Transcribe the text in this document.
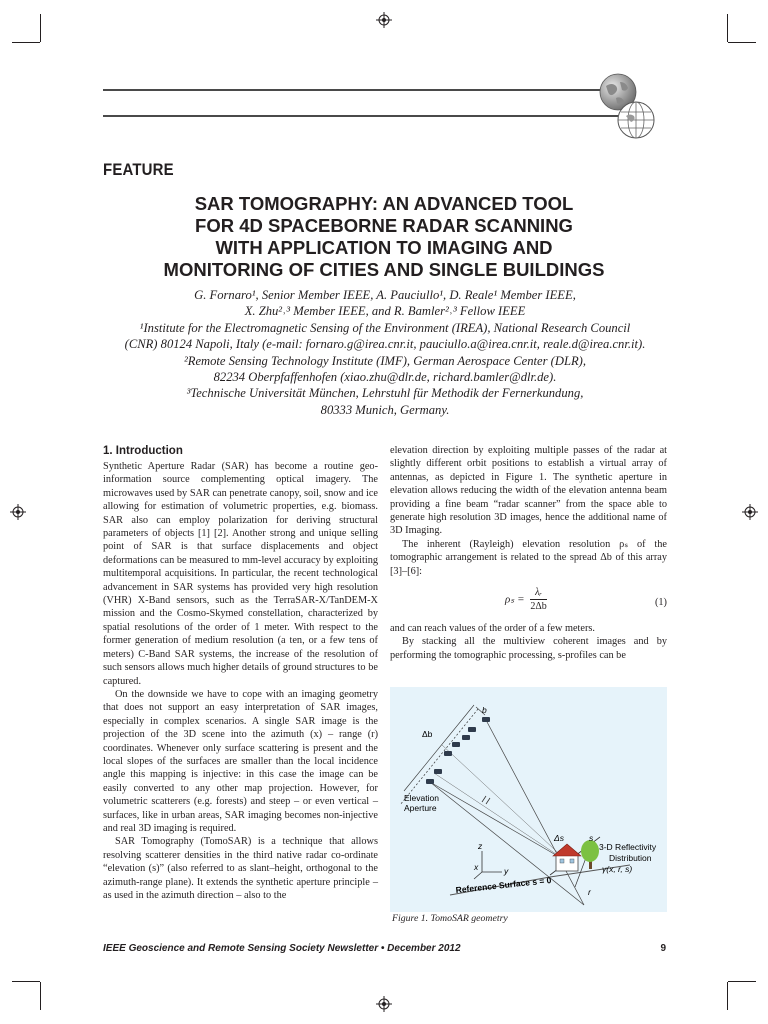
FEATURE
SAR TOMOGRAPHY: AN ADVANCED TOOL
FOR 4D SPACEBORNE RADAR SCANNING
WITH APPLICATION TO IMAGING AND
MONITORING OF CITIES AND SINGLE BUILDINGS
G. Fornaro¹, Senior Member IEEE, A. Pauciullo¹, D. Reale¹ Member IEEE,
X. Zhu²˒³ Member IEEE, and R. Bamler²˒³ Fellow IEEE
¹Institute for the Electromagnetic Sensing of the Environment (IREA), National Research Council
(CNR) 80124 Napoli, Italy (e-mail: fornaro.g@irea.cnr.it, pauciullo.a@irea.cnr.it, reale.d@irea.cnr.it).
²Remote Sensing Technology Institute (IMF), German Aerospace Center (DLR),
82234 Oberpfaffenhofen (xiao.zhu@dlr.de, richard.bamler@dlr.de).
³Technische Universität München, Lehrstuhl für Methodik der Fernerkundung,
80333 Munich, Germany.
1. Introduction

Synthetic Aperture Radar (SAR) has become a routine geo-information source complementing optical imagery. The microwaves used by SAR can penetrate canopy, soil, snow and ice allowing for estimation of volumetric properties, e.g. biomass. SAR also can employ polarization for deriving structural parameters of objects [1] [2]. Another strong and unique selling point of SAR is that surface displacements and object deformations can be measured to mm-level accuracy by exploiting multitemporal acquisitions. In particular, the recent technological advancement in SAR systems has provided very high resolution (VHR) X-Band sensors, such as the TerraSAR-X/TanDEM-X mission and the Cosmo-Skymed constellation, characterized by spatial resolutions of the order of 1 meter. With respect to the former generation of medium resolution (a ten, or a few tens of meters) C-Band SAR systems, the increase of the resolution of such sensors allows much higher details of ground structures to be captured.

On the downside we have to cope with an imaging geometry that does not support an easy interpretation of SAR images, especially in complex scenarios. A single SAR image is the projection of the 3D scene into the azimuth (x) – range (r) coordinates. Whenever only surface scattering is present and the local slopes of the surfaces are smaller than the local incidence angle this mapping is injective: in this case the image can be easily converted to any other map projection. However, for volumetric scatterers (e.g. forests) and steep – or even vertical – surfaces, like in urban areas, SAR imaging becomes non-injective and real 3D imaging is required.

SAR Tomography (TomoSAR) is a technique that allows resolving scatterer densities in the third native radar co-ordinate “elevation (s)” (also referred to as slant–height, orthogonal to the azimuth-range plane). It extends the synthetic aperture principle – as used in the azimuth direction – also to the

elevation direction by exploiting multiple passes of the radar at slightly different orbit positions to establish a virtual array of antennas, as depicted in Figure 1. The synthetic aperture in elevation allows reducing the width of the elevation antenna beam providing a fine beam “radar scanner” from the space able to generate high resolution 3D images, hence the additional name of 3D Imaging.

The inherent (Rayleigh) elevation resolution ρₛ of the tomographic arrangement is related to the spread Δb of this array [3]–[6]:

$\rho_s = \frac{\text{λᵣ}}{2\Delta b}$	(1)

and can reach values of the order of a few meters.

By stacking all the multiview coherent images and by performing the tomographic processing, s-profiles can be

b
Δb
Elevation
Aperture
Δs	s
3-D Reflectivity
Distribution
γ(x, r, s)
z
x	y
r
Reference Surface s = 0
Figure 1. TomoSAR geometry
IEEE Geoscience and Remote Sensing Society Newsletter • December 2012	9
